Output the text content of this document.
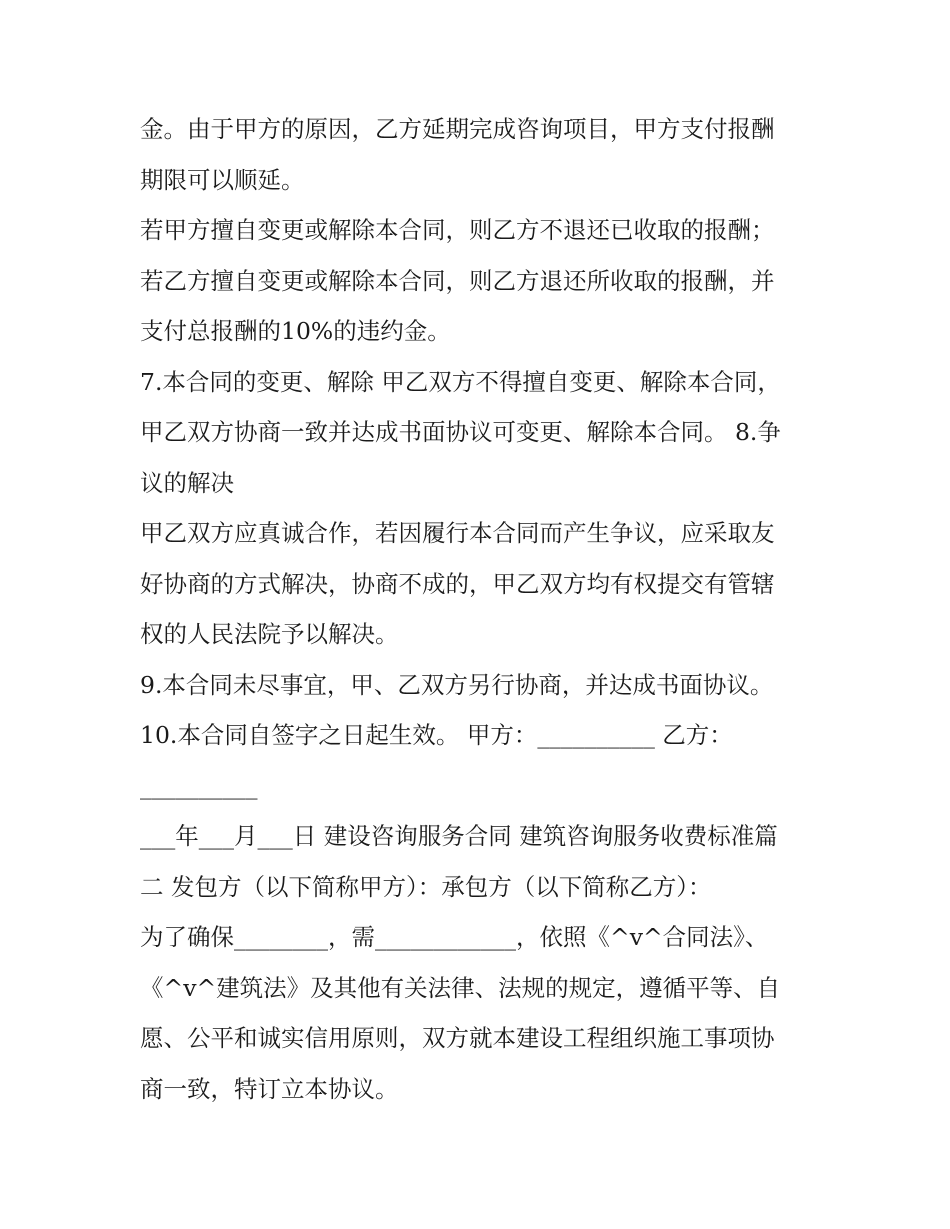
金。由于甲方的原因，乙方延期完成咨询项目，甲方支付报酬
期限可以顺延。
若甲方擅自变更或解除本合同，则乙方不退还已收取的报酬；
若乙方擅自变更或解除本合同，则乙方退还所收取的报酬，并
支付总报酬的10%的违约金。
7.本合同的变更、解除 甲乙双方不得擅自变更、解除本合同，
甲乙双方协商一致并达成书面协议可变更、解除本合同。 8.争
议的解决
甲乙双方应真诚合作，若因履行本合同而产生争议，应采取友
好协商的方式解决，协商不成的，甲乙双方均有权提交有管辖
权的人民法院予以解决。
9.本合同未尽事宜，甲、乙双方另行协商，并达成书面协议。
10.本合同自签字之日起生效。 甲方：__________ 乙方：
__________
___年___月___日 建设咨询服务合同 建筑咨询服务收费标准篇
二 发包方（以下简称甲方）：承包方（以下简称乙方）：
为了确保________，需____________，依照《^v^合同法》、
《^v^建筑法》及其他有关法律、法规的规定，遵循平等、自
愿、公平和诚实信用原则，双方就本建设工程组织施工事项协
商一致，特订立本协议。
